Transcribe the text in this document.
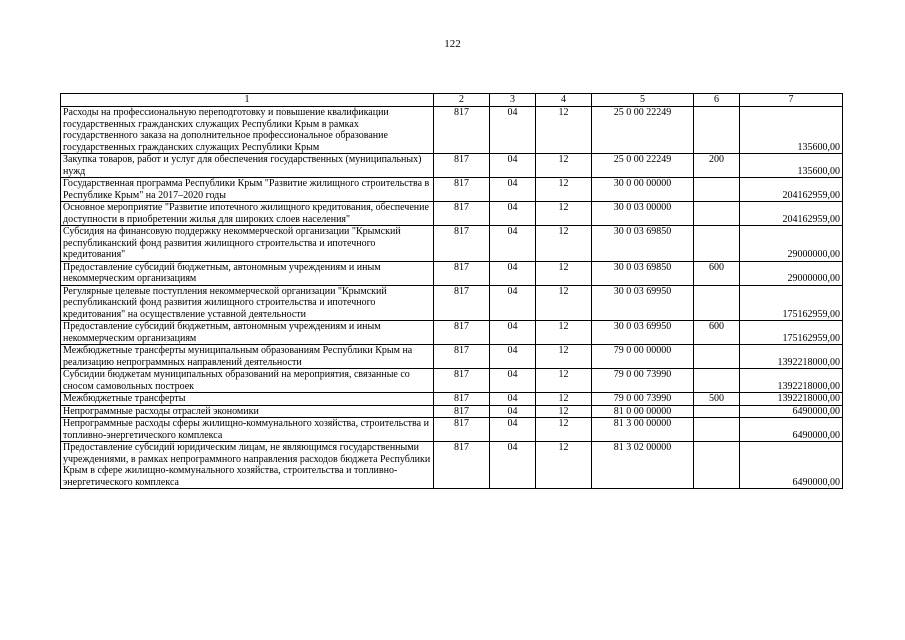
122
1	2	3	4	5	6	7
Расходы на профессиональную переподготовку и повышение квалификации государственных гражданских служащих Республики Крым в рамках государственного заказа на дополнительное профессиональное образование государственных гражданских служащих Республики Крым	817	04	12	25 0 00 22249		135600,00
Закупка товаров, работ и услуг для обеспечения государственных (муниципальных) нужд	817	04	12	25 0 00 22249	200	135600,00
Государственная программа Республики Крым "Развитие жилищного строительства в Республике Крым" на 2017–2020 годы	817	04	12	30 0 00 00000		204162959,00
Основное мероприятие "Развитие ипотечного жилищного кредитования, обеспечение доступности в приобретении жилья для широких слоев населения"	817	04	12	30 0 03 00000		204162959,00
Субсидия на финансовую поддержку некоммерческой организации "Крымский республиканский фонд развития жилищного строительства и ипотечного кредитования"	817	04	12	30 0 03 69850		29000000,00
Предоставление субсидий бюджетным, автономным учреждениям и иным некоммерческим организациям	817	04	12	30 0 03 69850	600	29000000,00
Регулярные целевые поступления некоммерческой организации "Крымский республиканский фонд развития жилищного строительства и ипотечного кредитования" на осуществление уставной деятельности	817	04	12	30 0 03 69950		175162959,00
Предоставление субсидий бюджетным, автономным учреждениям и иным некоммерческим организациям	817	04	12	30 0 03 69950	600	175162959,00
Межбюджетные трансферты муниципальным образованиям Республики Крым на реализацию непрограммных направлений деятельности	817	04	12	79 0 00 00000		1392218000,00
Субсидии бюджетам муниципальных образований на мероприятия, связанные со сносом самовольных построек	817	04	12	79 0 00 73990		1392218000,00
Межбюджетные трансферты	817	04	12	79 0 00 73990	500	1392218000,00
Непрограммные расходы отраслей экономики	817	04	12	81 0 00 00000		6490000,00
Непрограммные расходы сферы жилищно-коммунального хозяйства, строительства и топливно-энергетического комплекса	817	04	12	81 3 00 00000		6490000,00
Предоставление субсидий юридическим лицам, не являющимся государственными учреждениями, в рамках непрограммного направления расходов бюджета Республики Крым в сфере жилищно-коммунального хозяйства, строительства и топливно-энергетического комплекса	817	04	12	81 3 02 00000		6490000,00
